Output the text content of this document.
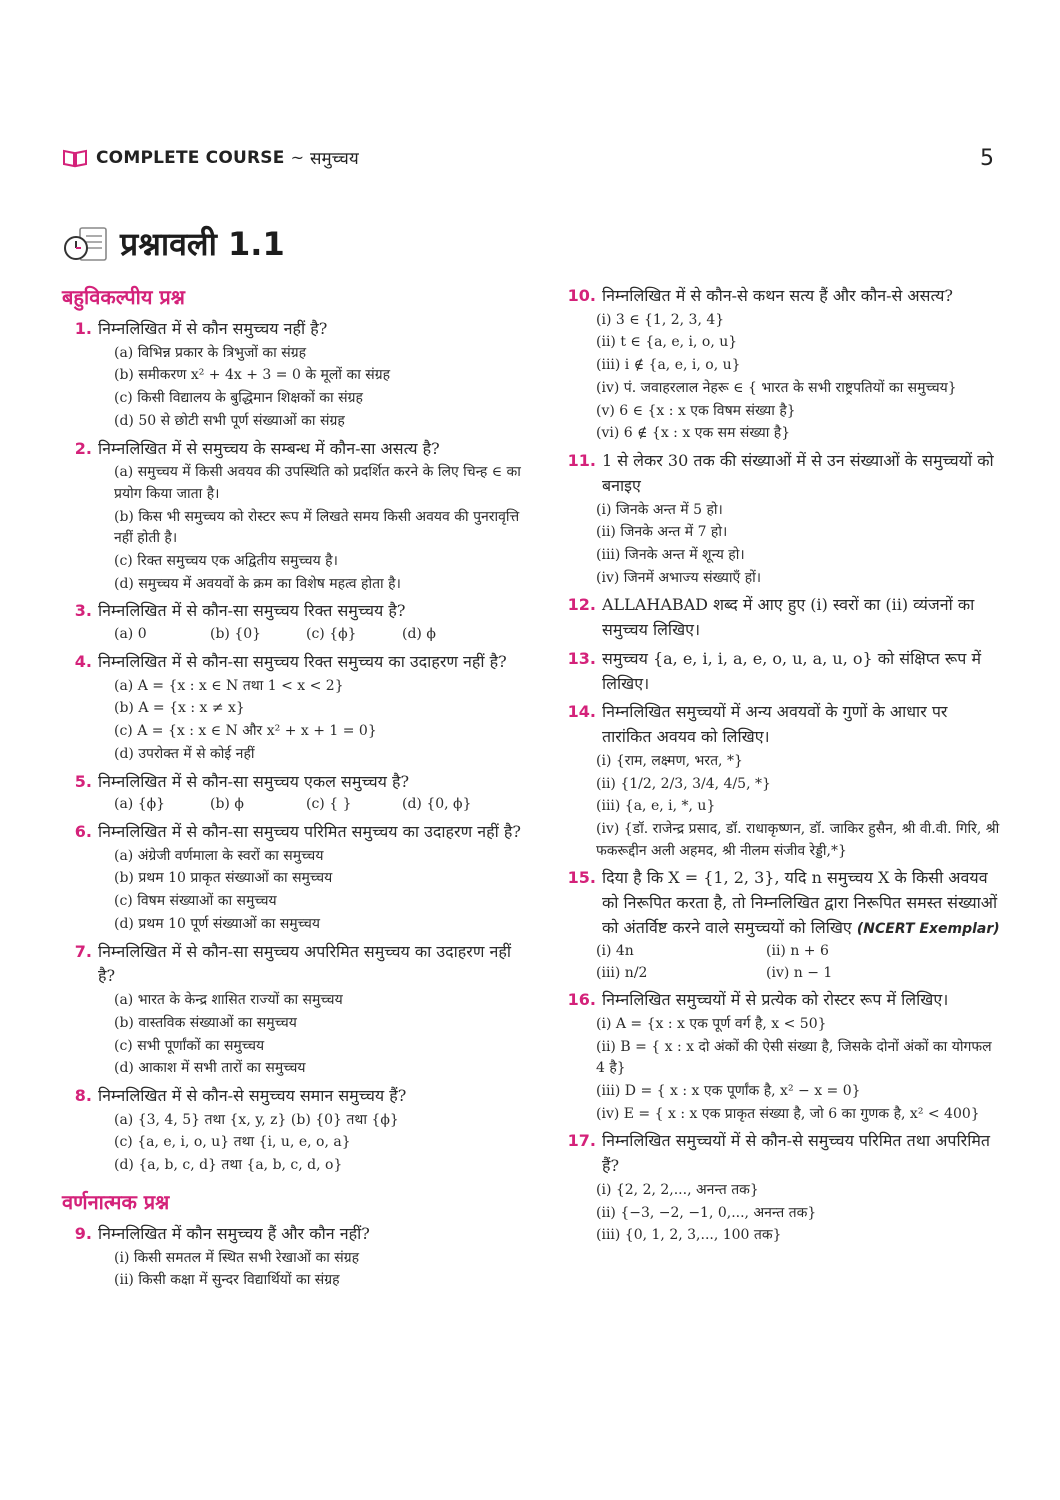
COMPLETE COURSE ~ समुच्चय	5
प्रश्नावली 1.1
बहुविकल्पीय प्रश्न
1. निम्नलिखित में से कौन समुच्चय नहीं है?
(a) विभिन्न प्रकार के त्रिभुजों का संग्रह
(b) समीकरण x² + 4x + 3 = 0 के मूलों का संग्रह
(c) किसी विद्यालय के बुद्धिमान शिक्षकों का संग्रह
(d) 50 से छोटी सभी पूर्ण संख्याओं का संग्रह
2. निम्नलिखित में से समुच्चय के सम्बन्ध में कौन-सा असत्य है?
(a) समुच्चय में किसी अवयव की उपस्थिति को प्रदर्शित करने के लिए चिन्ह ∈ का प्रयोग किया जाता है।
(b) किस भी समुच्चय को रोस्टर रूप में लिखते समय किसी अवयव की पुनरावृत्ति नहीं होती है।
(c) रिक्त समुच्चय एक अद्वितीय समुच्चय है।
(d) समुच्चय में अवयवों के क्रम का विशेष महत्व होता है।
3. निम्नलिखित में से कौन-सा समुच्चय रिक्त समुच्चय है?
(a) 0	(b) {0}	(c) {ϕ}	(d) ϕ
4. निम्नलिखित में से कौन-सा समुच्चय रिक्त समुच्चय का उदाहरण नहीं है?
(a) A = {x : x ∈ N तथा 1 < x < 2}
(b) A = {x : x ≠ x}
(c) A = {x : x ∈ N और x² + x + 1 = 0}
(d) उपरोक्त में से कोई नहीं
5. निम्नलिखित में से कौन-सा समुच्चय एकल समुच्चय है?
(a) {ϕ}	(b) ϕ	(c) { }	(d) {0, ϕ}
6. निम्नलिखित में से कौन-सा समुच्चय परिमित समुच्चय का उदाहरण नहीं है?
(a) अंग्रेजी वर्णमाला के स्वरों का समुच्चय
(b) प्रथम 10 प्राकृत संख्याओं का समुच्चय
(c) विषम संख्याओं का समुच्चय
(d) प्रथम 10 पूर्ण संख्याओं का समुच्चय
7. निम्नलिखित में से कौन-सा समुच्चय अपरिमित समुच्चय का उदाहरण नहीं है?
(a) भारत के केन्द्र शासित राज्यों का समुच्चय
(b) वास्तविक संख्याओं का समुच्चय
(c) सभी पूर्णांकों का समुच्चय
(d) आकाश में सभी तारों का समुच्चय
8. निम्नलिखित में से कौन-से समुच्चय समान समुच्चय हैं?
(a) {3, 4, 5} तथा {x, y, z} (b) {0} तथा {ϕ}
(c) {a, e, i, o, u} तथा {i, u, e, o, a}
(d) {a, b, c, d} तथा {a, b, c, d, o}
वर्णनात्मक प्रश्न
9. निम्नलिखित में कौन समुच्चय हैं और कौन नहीं?
(i) किसी समतल में स्थित सभी रेखाओं का संग्रह
(ii) किसी कक्षा में सुन्दर विद्यार्थियों का संग्रह
10. निम्नलिखित में से कौन-से कथन सत्य हैं और कौन-से असत्य?
(i) 3 ∈ {1, 2, 3, 4}
(ii) t ∈ {a, e, i, o, u}
(iii) i ∉ {a, e, i, o, u}
(iv) पं. जवाहरलाल नेहरू ∈ { भारत के सभी राष्ट्रपतियों का समुच्चय}
(v) 6 ∈ {x : x एक विषम संख्या है}
(vi) 6 ∉ {x : x एक सम संख्या है}
11. 1 से लेकर 30 तक की संख्याओं में से उन संख्याओं के समुच्चयों को बनाइए
(i) जिनके अन्त में 5 हो।
(ii) जिनके अन्त में 7 हो।
(iii) जिनके अन्त में शून्य हो।
(iv) जिनमें अभाज्य संख्याएँ हों।
12. ALLAHABAD शब्द में आए हुए (i) स्वरों का (ii) व्यंजनों का समुच्चय लिखिए।
13. समुच्चय {a, e, i, i, a, e, o, u, a, u, o} को संक्षिप्त रूप में लिखिए।
14. निम्नलिखित समुच्चयों में अन्य अवयवों के गुणों के आधार पर तारांकित अवयव को लिखिए।
(i) {राम, लक्ष्मण, भरत, *}
(ii) {1/2, 2/3, 3/4, 4/5, *}
(iii) {a, e, i, *, u}
(iv) {डॉ. राजेन्द्र प्रसाद, डॉ. राधाकृष्णन, डॉ. जाकिर हुसैन, श्री वी.वी. गिरि, श्री फकरूद्दीन अली अहमद, श्री नीलम संजीव रेड्डी,*}
15. दिया है कि X = {1, 2, 3}, यदि n समुच्चय X के किसी अवयव को निरूपित करता है, तो निम्नलिखित द्वारा निरूपित समस्त संख्याओं को अंतर्विष्ट करने वाले समुच्चयों को लिखिए (NCERT Exemplar)
(i) 4n	(ii) n + 6
(iii) n/2	(iv) n − 1
16. निम्नलिखित समुच्चयों में से प्रत्येक को रोस्टर रूप में लिखिए।
(i) A = {x : x एक पूर्ण वर्ग है, x < 50}
(ii) B = { x : x दो अंकों की ऐसी संख्या है, जिसके दोनों अंकों का योगफल 4 है}
(iii) D = { x : x एक पूर्णांक है, x² − x = 0}
(iv) E = { x : x एक प्राकृत संख्या है, जो 6 का गुणक है, x² < 400}
17. निम्नलिखित समुच्चयों में से कौन-से समुच्चय परिमित तथा अपरिमित हैं?
(i) {2, 2, 2,..., अनन्त तक}
(ii) {−3, −2, −1, 0,..., अनन्त तक}
(iii) {0, 1, 2, 3,..., 100 तक}
